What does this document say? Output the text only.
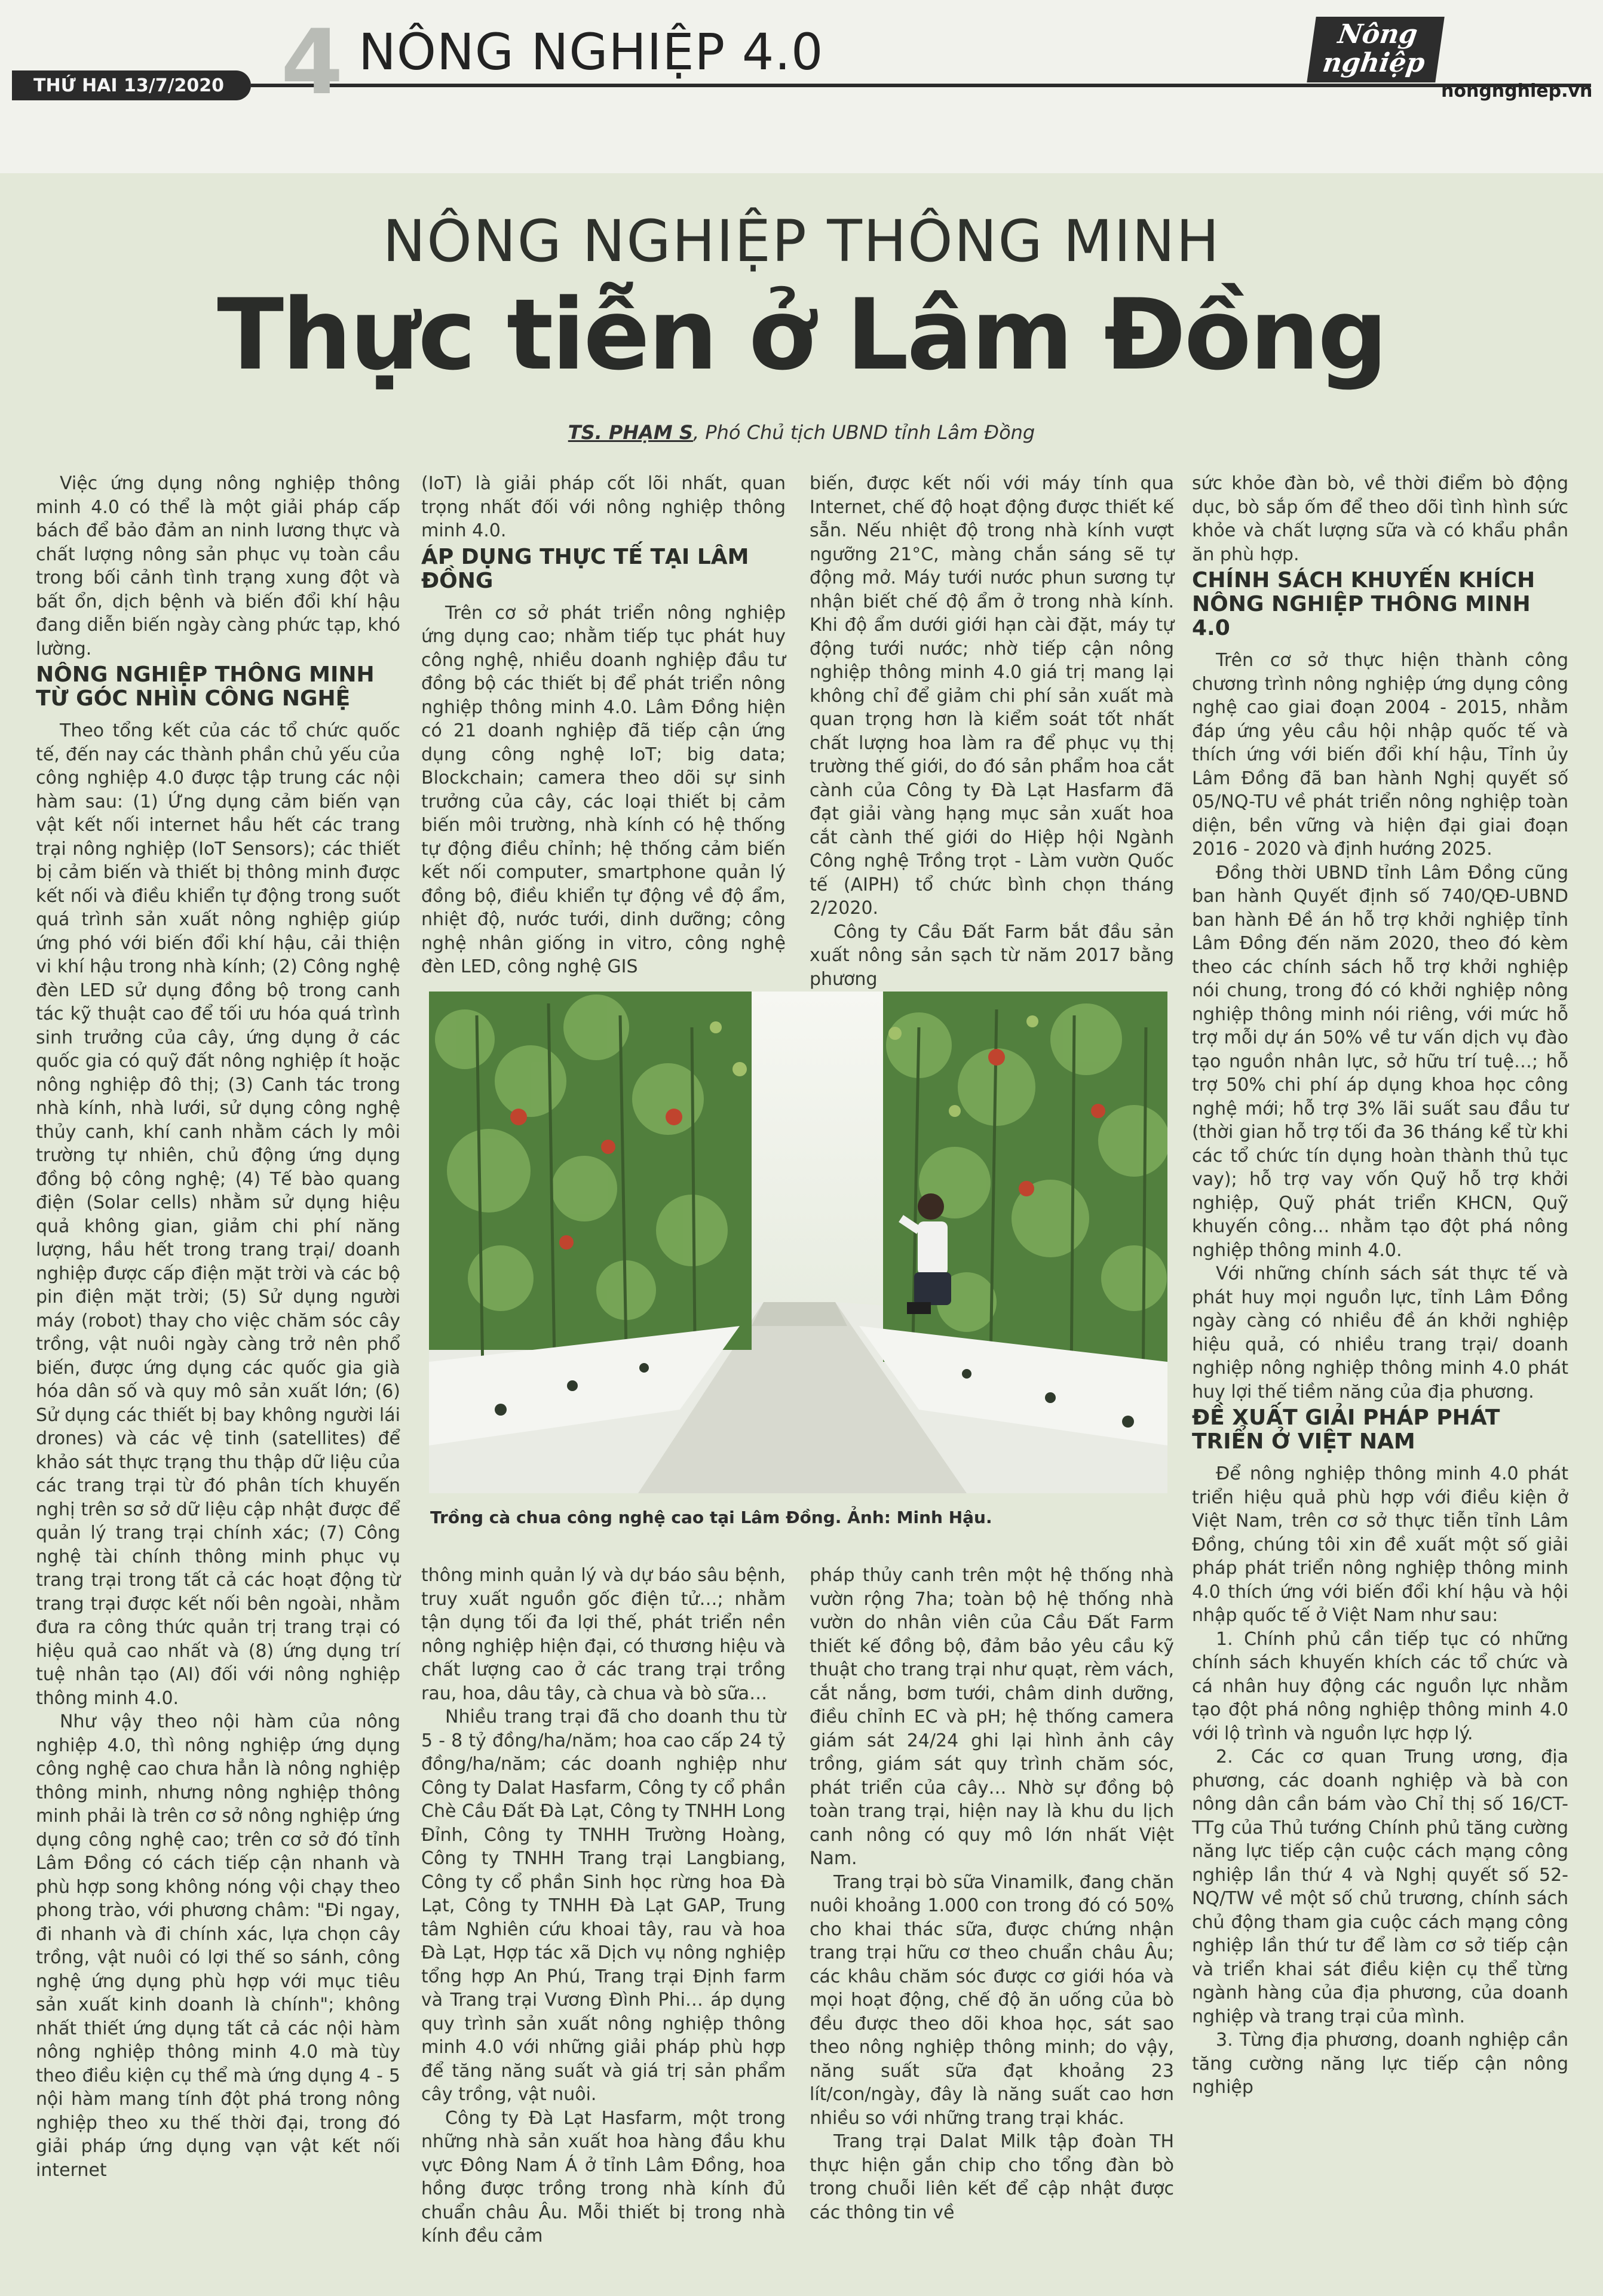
THỨ HAI 13/7/2020 4 NÔNG NGHIỆP 4.0	Nông
nghiệp
nongnghiep.vn
NÔNG NGHIỆP THÔNG MINH
Thực tiễn ở Lâm Đồng
TS. PHẠM S, Phó Chủ tịch UBND tỉnh Lâm Đồng

Việc ứng dụng nông nghiệp thông minh 4.0 có thể là một giải pháp cấp bách để bảo đảm an ninh lương thực và chất lượng nông sản phục vụ toàn cầu trong bối cảnh tình trạng xung đột và bất ổn, dịch bệnh và biến đổi khí hậu đang diễn biến ngày càng phức tạp, khó lường.

NÔNG NGHIỆP THÔNG MINH TỪ GÓC NHÌN CÔNG NGHỆ

Theo tổng kết của các tổ chức quốc tế, đến nay các thành phần chủ yếu của công nghiệp 4.0 được tập trung các nội hàm sau: (1) Ứng dụng cảm biến vạn vật kết nối internet hầu hết các trang trại nông nghiệp (IoT Sensors); các thiết bị cảm biến và thiết bị thông minh được kết nối và điều khiển tự động trong suốt quá trình sản xuất nông nghiệp giúp ứng phó với biến đổi khí hậu, cải thiện vi khí hậu trong nhà kính; (2) Công nghệ đèn LED sử dụng đồng bộ trong canh tác kỹ thuật cao để tối ưu hóa quá trình sinh trưởng của cây, ứng dụng ở các quốc gia có quỹ đất nông nghiệp ít hoặc nông nghiệp đô thị; (3) Canh tác trong nhà kính, nhà lưới, sử dụng công nghệ thủy canh, khí canh nhằm cách ly môi trường tự nhiên, chủ động ứng dụng đồng bộ công nghệ; (4) Tế bào quang điện (Solar cells) nhằm sử dụng hiệu quả không gian, giảm chi phí năng lượng, hầu hết trong trang trại/ doanh nghiệp được cấp điện mặt trời và các bộ pin điện mặt trời; (5) Sử dụng người máy (robot) thay cho việc chăm sóc cây trồng, vật nuôi ngày càng trở nên phổ biến, được ứng dụng các quốc gia già hóa dân số và quy mô sản xuất lớn; (6) Sử dụng các thiết bị bay không người lái drones) và các vệ tinh (satellites) để khảo sát thực trạng thu thập dữ liệu của các trang trại từ đó phân tích khuyến nghị trên sơ sở dữ liệu cập nhật được để quản lý trang trại chính xác; (7) Công nghệ tài chính thông minh phục vụ trang trại trong tất cả các hoạt động từ trang trại được kết nối bên ngoài, nhằm đưa ra công thức quản trị trang trại có hiệu quả cao nhất và (8) ứng dụng trí tuệ nhân tạo (AI) đối với nông nghiệp thông minh 4.0.

Như vậy theo nội hàm của nông nghiệp 4.0, thì nông nghiệp ứng dụng công nghệ cao chưa hẳn là nông nghiệp thông minh, nhưng nông nghiệp thông minh phải là trên cơ sở nông nghiệp ứng dụng công nghệ cao; trên cơ sở đó tỉnh Lâm Đồng có cách tiếp cận nhanh và phù hợp song không nóng vội chạy theo phong trào, với phương châm: "Đi ngay, đi nhanh và đi chính xác, lựa chọn cây trồng, vật nuôi có lợi thế so sánh, công nghệ ứng dụng phù hợp với mục tiêu sản xuất kinh doanh là chính"; không nhất thiết ứng dụng tất cả các nội hàm nông nghiệp thông minh 4.0 mà tùy theo điều kiện cụ thể mà ứng dụng 4 - 5 nội hàm mang tính đột phá trong nông nghiệp theo xu thế thời đại, trong đó giải pháp ứng dụng vạn vật kết nối internet

(IoT) là giải pháp cốt lõi nhất, quan trọng nhất đối với nông nghiệp thông minh 4.0.

ÁP DỤNG THỰC TẾ TẠI LÂM ĐỒNG

Trên cơ sở phát triển nông nghiệp ứng dụng cao; nhằm tiếp tục phát huy công nghệ, nhiều doanh nghiệp đầu tư đồng bộ các thiết bị để phát triển nông nghiệp thông minh 4.0. Lâm Đồng hiện có 21 doanh nghiệp đã tiếp cận ứng dụng công nghệ IoT; big data; Blockchain; camera theo dõi sự sinh trưởng của cây, các loại thiết bị cảm biến môi trường, nhà kính có hệ thống tự động điều chỉnh; hệ thống cảm biến kết nối computer, smartphone quản lý đồng bộ, điều khiển tự động về độ ẩm, nhiệt độ, nước tưới, dinh dưỡng; công nghệ nhân giống in vitro, công nghệ đèn LED, công nghệ GIS

biến, được kết nối với máy tính qua Internet, chế độ hoạt động được thiết kế sẵn. Nếu nhiệt độ trong nhà kính vượt ngưỡng 21°C, màng chắn sáng sẽ tự động mở. Máy tưới nước phun sương tự nhận biết chế độ ẩm ở trong nhà kính. Khi độ ẩm dưới giới hạn cài đặt, máy tự động tưới nước; nhờ tiếp cận nông nghiệp thông minh 4.0 giá trị mang lại không chỉ để giảm chi phí sản xuất mà quan trọng hơn là kiểm soát tốt nhất chất lượng hoa làm ra để phục vụ thị trường thế giới, do đó sản phẩm hoa cắt cành của Công ty Đà Lạt Hasfarm đã đạt giải vàng hạng mục sản xuất hoa cắt cành thế giới do Hiệp hội Ngành Công nghệ Trồng trọt - Làm vườn Quốc tế (AIPH) tổ chức bình chọn tháng 2/2020.

Công ty Cầu Đất Farm bắt đầu sản xuất nông sản sạch từ năm 2017 bằng phương

sức khỏe đàn bò, về thời điểm bò động dục, bò sắp ốm để theo dõi tình hình sức khỏe và chất lượng sữa và có khẩu phần ăn phù hợp.

CHÍNH SÁCH KHUYẾN KHÍCH NÔNG NGHIỆP THÔNG MINH 4.0

Trên cơ sở thực hiện thành công chương trình nông nghiệp ứng dụng công nghệ cao giai đoạn 2004 - 2015, nhằm đáp ứng yêu cầu hội nhập quốc tế và thích ứng với biến đổi khí hậu, Tỉnh ủy Lâm Đồng đã ban hành Nghị quyết số 05/NQ-TU về phát triển nông nghiệp toàn diện, bền vững và hiện đại giai đoạn 2016 - 2020 và định hướng 2025.

Đồng thời UBND tỉnh Lâm Đồng cũng ban hành Quyết định số 740/QĐ-UBND ban hành Đề án hỗ trợ khởi nghiệp tỉnh Lâm Đồng đến năm 2020, theo đó kèm theo các chính sách hỗ trợ khởi nghiệp nói chung, trong đó có khởi nghiệp nông nghiệp thông minh nói riêng, với mức hỗ trợ mỗi dự án 50% về tư vấn dịch vụ đào tạo nguồn nhân lực, sở hữu trí tuệ…; hỗ trợ 50% chi phí áp dụng khoa học công nghệ mới; hỗ trợ 3% lãi suất sau đầu tư (thời gian hỗ trợ tối đa 36 tháng kể từ khi các tổ chức tín dụng hoàn thành thủ tục vay); hỗ trợ vay vốn Quỹ hỗ trợ khởi nghiệp, Quỹ phát triển KHCN, Quỹ khuyến công… nhằm tạo đột phá nông nghiệp thông minh 4.0.

Với những chính sách sát thực tế và phát huy mọi nguồn lực, tỉnh Lâm Đồng ngày càng có nhiều đề án khởi nghiệp hiệu quả, có nhiều trang trại/ doanh nghiệp nông nghiệp thông minh 4.0 phát huy lợi thế tiềm năng của địa phương.

ĐỀ XUẤT GIẢI PHÁP PHÁT TRIỂN Ở VIỆT NAM

Để nông nghiệp thông minh 4.0 phát triển hiệu quả phù hợp với điều kiện ở Việt Nam, trên cơ sở thực tiễn tỉnh Lâm Đồng, chúng tôi xin đề xuất một số giải pháp phát triển nông nghiệp thông minh 4.0 thích ứng với biến đổi khí hậu và hội nhập quốc tế ở Việt Nam như sau:

1. Chính phủ cần tiếp tục có những chính sách khuyến khích các tổ chức và cá nhân huy động các nguồn lực nhằm tạo đột phá nông nghiệp thông minh 4.0 với lộ trình và nguồn lực hợp lý.

2. Các cơ quan Trung ương, địa phương, các doanh nghiệp và bà con nông dân cần bám vào Chỉ thị số 16/CT-TTg của Thủ tướng Chính phủ tăng cường năng lực tiếp cận cuộc cách mạng công nghiệp lần thứ 4 và Nghị quyết số 52-NQ/TW về một số chủ trương, chính sách chủ động tham gia cuộc cách mạng công nghiệp lần thứ tư để làm cơ sở tiếp cận và triển khai sát điều kiện cụ thể từng ngành hàng của địa phương, của doanh nghiệp và trang trại của mình.

3. Từng địa phương, doanh nghiệp cần tăng cường năng lực tiếp cận nông nghiệp

Trồng cà chua công nghệ cao tại Lâm Đồng. Ảnh: Minh Hậu.

thông minh quản lý và dự báo sâu bệnh, truy xuất nguồn gốc điện tử…; nhằm tận dụng tối đa lợi thế, phát triển nền nông nghiệp hiện đại, có thương hiệu và chất lượng cao ở các trang trại trồng rau, hoa, dâu tây, cà chua và bò sữa…

Nhiều trang trại đã cho doanh thu từ 5 - 8 tỷ đồng/ha/năm; hoa cao cấp 24 tỷ đồng/ha/năm; các doanh nghiệp như Công ty Dalat Hasfarm, Công ty cổ phần Chè Cầu Đất Đà Lạt, Công ty TNHH Long Đỉnh, Công ty TNHH Trường Hoàng, Công ty TNHH Trang trại Langbiang, Công ty cổ phần Sinh học rừng hoa Đà Lạt, Công ty TNHH Đà Lạt GAP, Trung tâm Nghiên cứu khoai tây, rau và hoa Đà Lạt, Hợp tác xã Dịch vụ nông nghiệp tổng hợp An Phú, Trang trại Định farm và Trang trại Vương Đình Phi… áp dụng quy trình sản xuất nông nghiệp thông minh 4.0 với những giải pháp phù hợp để tăng năng suất và giá trị sản phẩm cây trồng, vật nuôi.

Công ty Đà Lạt Hasfarm, một trong những nhà sản xuất hoa hàng đầu khu vực Đông Nam Á ở tỉnh Lâm Đồng, hoa hồng được trồng trong nhà kính đủ chuẩn châu Âu. Mỗi thiết bị trong nhà kính đều cảm

pháp thủy canh trên một hệ thống nhà vườn rộng 7ha; toàn bộ hệ thống nhà vườn do nhân viên của Cầu Đất Farm thiết kế đồng bộ, đảm bảo yêu cầu kỹ thuật cho trang trại như quạt, rèm vách, cắt nắng, bơm tưới, châm dinh dưỡng, điều chỉnh EC và pH; hệ thống camera giám sát 24/24 ghi lại hình ảnh cây trồng, giám sát quy trình chăm sóc, phát triển của cây… Nhờ sự đồng bộ toàn trang trại, hiện nay là khu du lịch canh nông có quy mô lớn nhất Việt Nam.

Trang trại bò sữa Vinamilk, đang chăn nuôi khoảng 1.000 con trong đó có 50% cho khai thác sữa, được chứng nhận trang trại hữu cơ theo chuẩn châu Âu; các khâu chăm sóc được cơ giới hóa và mọi hoạt động, chế độ ăn uống của bò đều được theo dõi khoa học, sát sao theo nông nghiệp thông minh; do vậy, năng suất sữa đạt khoảng 23 lít/con/ngày, đây là năng suất cao hơn nhiều so với những trang trại khác.

Trang trại Dalat Milk tập đoàn TH thực hiện gắn chip cho tổng đàn bò trong chuỗi liên kết để cập nhật được các thông tin về
